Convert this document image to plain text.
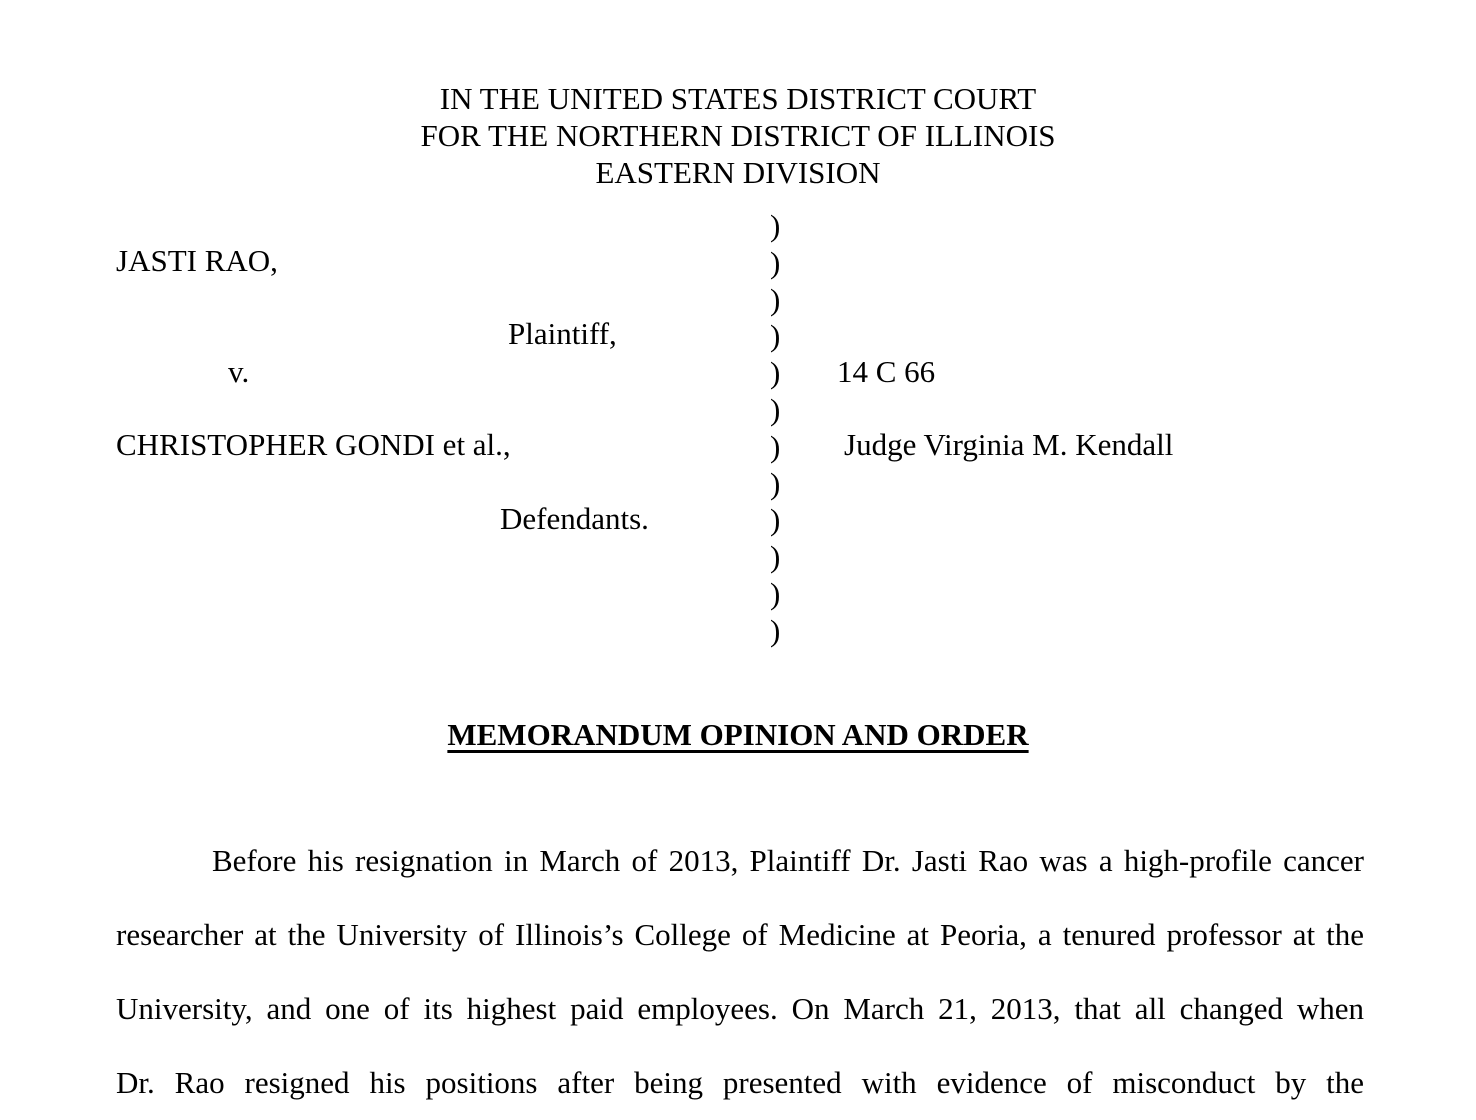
IN THE UNITED STATES DISTRICT COURT
FOR THE NORTHERN DISTRICT OF ILLINOIS
EASTERN DIVISION
JASTI RAO,
Plaintiff,
v.
CHRISTOPHER GONDI et al.,
Defendants.
)
)
)
)
)
)
)
)
)
)
)
)
14 C 66
Judge Virginia M. Kendall
MEMORANDUM OPINION AND ORDER
Before his resignation in March of 2013, Plaintiff Dr. Jasti Rao was a high-profile cancer
researcher at the University of Illinois’s College of Medicine at Peoria, a tenured professor at the
University, and one of its highest paid employees. On March 21, 2013, that all changed when
Dr. Rao resigned his positions after being presented with evidence of misconduct by the
